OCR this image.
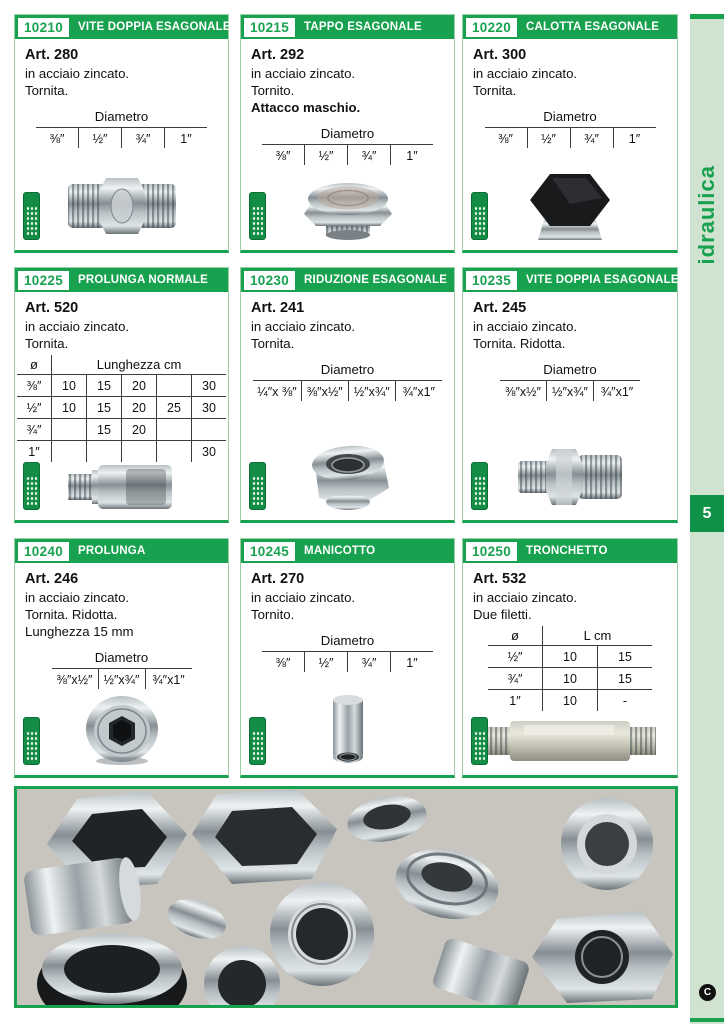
10210	VITE DOPPIA ESAGONALE
Art. 280
in acciaio zincato.
Tornita.
Diametro
⅜″	½″	¾″	1″
10215	TAPPO ESAGONALE
Art. 292
in acciaio zincato.
Tornito.
Attacco maschio.
Diametro
⅜″	½″	¾″	1″
10220	CALOTTA ESAGONALE
Art. 300
in acciaio zincato.
Tornita.
Diametro
⅜″	½″	¾″	1″
10225	PROLUNGA NORMALE
Art. 520
in acciaio zincato.
Tornita.
ø	Lunghezza cm				
⅜″	10	15	20		30
½″	10	15	20	25	30
¾″		15	20		
1″					30
10230	RIDUZIONE ESAGONALE
Art. 241
in acciaio zincato.
Tornita.
Diametro
¼″x ⅜″ ⅜″x½″ ½″x¾″	¾″x1″
10235	VITE DOPPIA ESAGONALE
Art. 245
in acciaio zincato.
Tornita. Ridotta.
Diametro
⅜″x½″ ½″x¾″	¾″x1″
10240	PROLUNGA
Art. 246
in acciaio zincato.
Tornita. Ridotta.
Lunghezza 15 mm
Diametro
⅜″x½″ ½″x¾″	¾″x1″
10245	MANICOTTO
Art. 270
in acciaio zincato.
Tornito.
Diametro
⅜″	½″	¾″	1″
10250	TRONCHETTO
Art. 532
in acciaio zincato.
Due filetti.
ø	L cm	
½″	10	15
¾″	10	15
1″	10	-
idraulica
5
C
